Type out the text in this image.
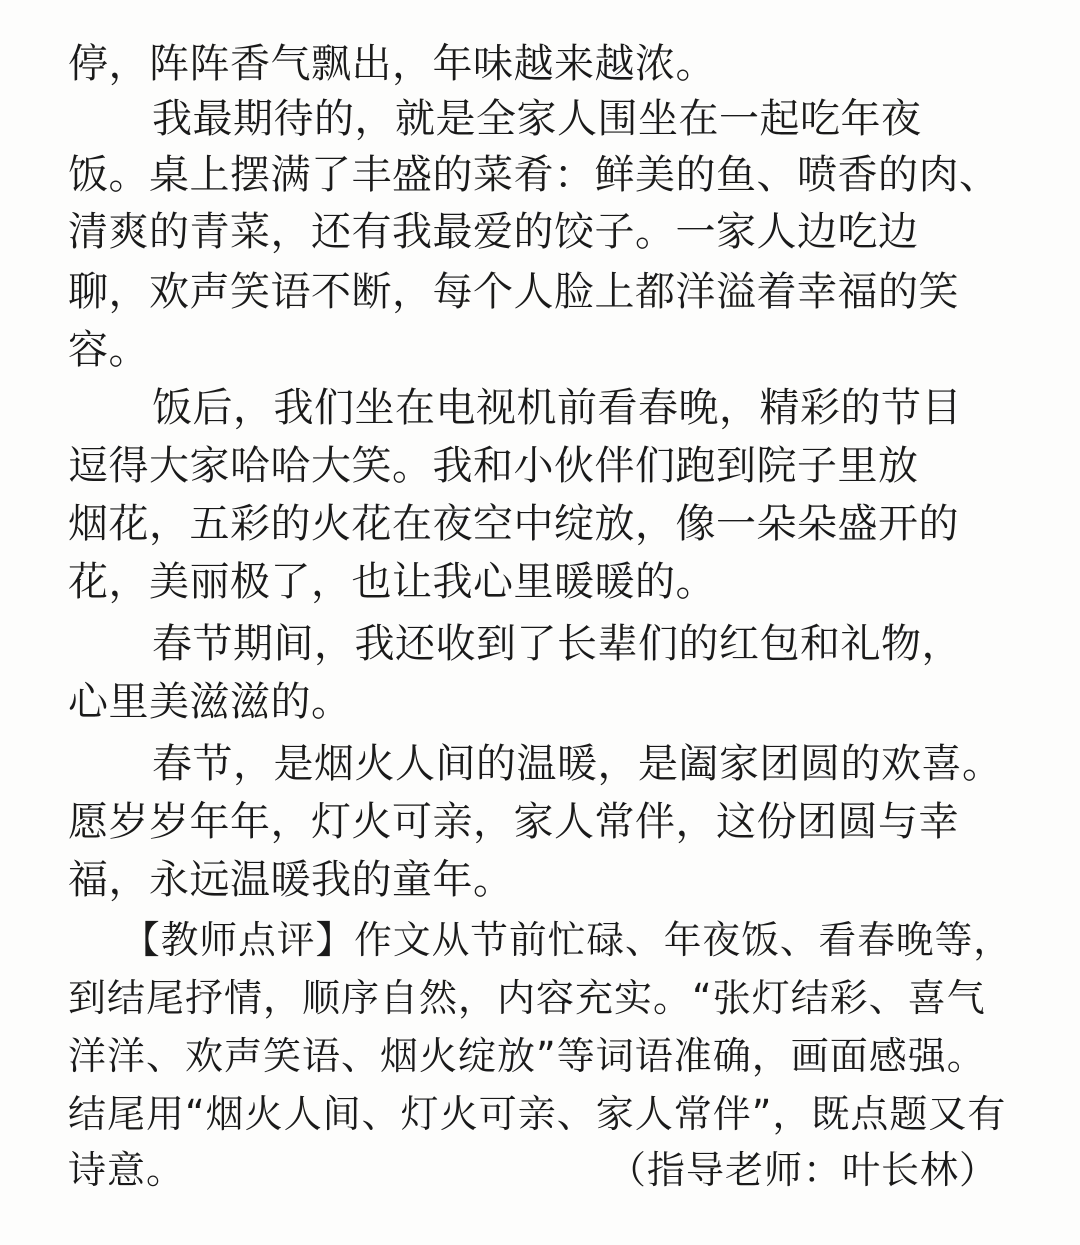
停，阵阵香气飘出，年味越来越浓。
我最期待的，就是全家人围坐在一起吃年夜
饭。桌上摆满了丰盛的菜肴：鲜美的鱼、喷香的肉、
清爽的青菜，还有我最爱的饺子。一家人边吃边
聊，欢声笑语不断，每个人脸上都洋溢着幸福的笑
容。
饭后，我们坐在电视机前看春晚，精彩的节目
逗得大家哈哈大笑。我和小伙伴们跑到院子里放
烟花，五彩的火花在夜空中绽放，像一朵朵盛开的
花，美丽极了，也让我心里暖暖的。
春节期间，我还收到了长辈们的红包和礼物，
心里美滋滋的。
春节，是烟火人间的温暖，是阖家团圆的欢喜。
愿岁岁年年，灯火可亲，家人常伴，这份团圆与幸
福，永远温暖我的童年。
【教师点评】作文从节前忙碌、年夜饭、看春晚等，
到结尾抒情，顺序自然，内容充实。“张灯结彩、喜气
洋洋、欢声笑语、烟火绽放”等词语准确，画面感强。
结尾用“烟火人间、灯火可亲、家人常伴”，既点题又有
诗意。	（指导老师：叶长林）
